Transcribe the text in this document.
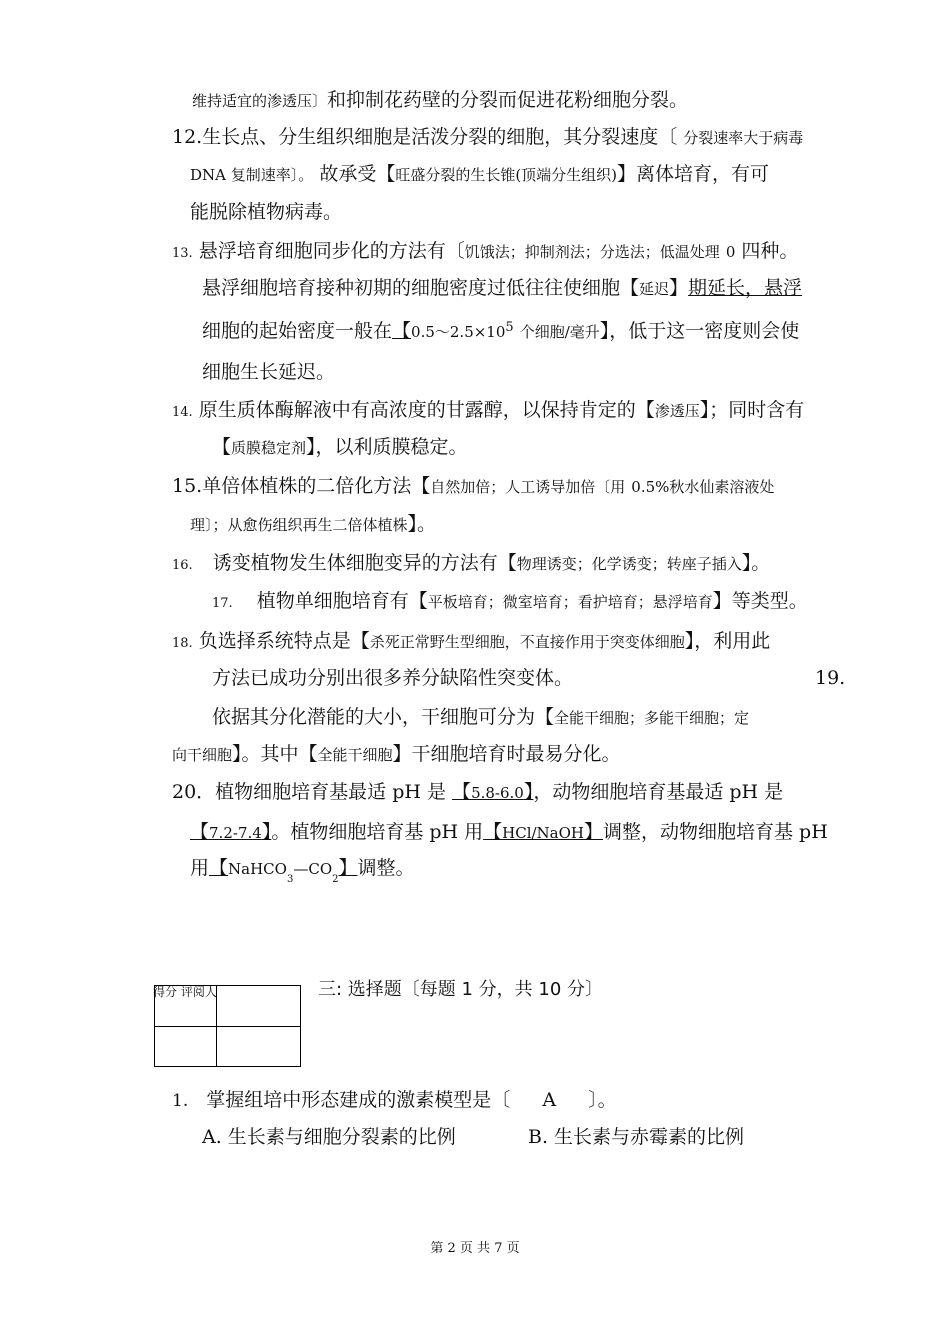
维持适宜的渗透压〕和抑制花药壁的分裂而促进花粉细胞分裂。
12.生长点、分生组织细胞是活泼分裂的细胞，其分裂速度〔 分裂速率大于病毒
DNA 复制速率〕。 故承受【旺盛分裂的生长锥(顶端分生组织)】离体培育，有可
能脱除植物病毒。
13. 悬浮培育细胞同步化的方法有〔饥饿法；抑制剂法；分选法；低温处理 0 四种。
悬浮细胞培育接种初期的细胞密度过低往往使细胞【延迟】期延长，悬浮
细胞的起始密度一般在【$0.5\sim 2.5\times 10^5$ 个细胞/毫升】，低于这一密度则会使
细胞生长延迟。
14. 原生质体酶解液中有高浓度的甘露醇，以保持肯定的【渗透压】；同时含有
【质膜稳定剂】，以利质膜稳定。
15.单倍体植株的二倍化方法【自然加倍；人工诱导加倍〔用 0.5%秋水仙素溶液处
理〕；从愈伤组织再生二倍体植株】。
16. 诱变植物发生体细胞变异的方法有【物理诱变；化学诱变；转座子插入】。
17. 植物单细胞培育有【平板培育；微室培育；看护培育；悬浮培育】等类型。
18. 负选择系统特点是【杀死正常野生型细胞，不直接作用于突变体细胞】，利用此
方法已成功分别出很多养分缺陷性突变体。	19.
依据其分化潜能的大小，干细胞可分为【全能干细胞；多能干细胞；定
向干细胞】。其中【全能干细胞】干细胞培育时最易分化。
20．植物细胞培育基最适 pH 是 【5.8-6.0】，动物细胞培育基最适 pH 是
【7.2-7.4】。植物细胞培育基 pH 用【HCl/NaOH】调整，动物细胞培育基 pH
用【$NaHCO_3—CO_2$】调整。
得分 评阅人	三: 选择题〔每题 1 分，共 10 分〕
1. 掌握组培中形态建成的激素模型是〔 A 〕。
A. 生长素与细胞分裂素的比例	B. 生长素与赤霉素的比例
第 2 页 共 7 页
